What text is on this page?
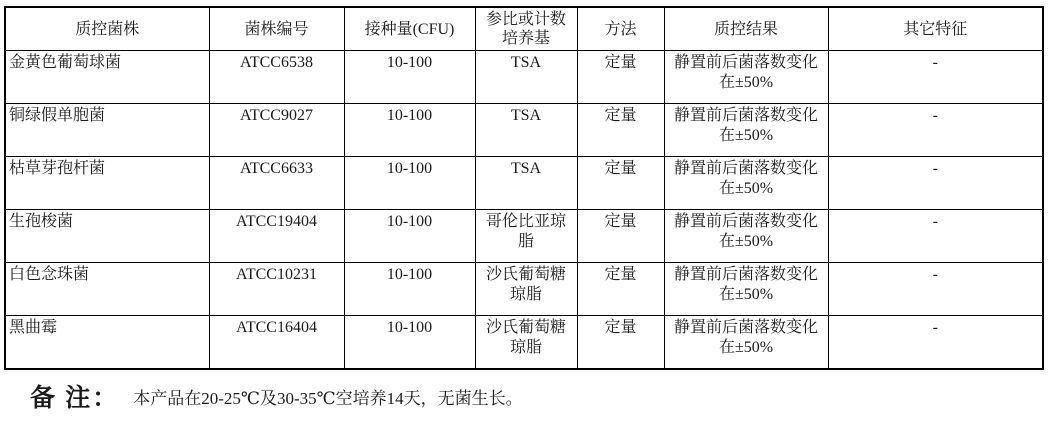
质控菌株	菌株编号	接种量(CFU)	参比或计数培养基	方法	质控结果	其它特征
金黄色葡萄球菌	ATCC6538	10-100	TSA	定量	静置前后菌落数变化在±50%	-
铜绿假单胞菌	ATCC9027	10-100	TSA	定量	静置前后菌落数变化在±50%	-
枯草芽孢杆菌	ATCC6633	10-100	TSA	定量	静置前后菌落数变化在±50%	-
生孢梭菌	ATCC19404	10-100	哥伦比亚琼脂	定量	静置前后菌落数变化在±50%	-
白色念珠菌	ATCC10231	10-100	沙氏葡萄糖琼脂	定量	静置前后菌落数变化在±50%	-
黑曲霉	ATCC16404	10-100	沙氏葡萄糖琼脂	定量	静置前后菌落数变化在±50%	-
备 注： 本产品在20-25℃及30-35℃空培养14天，无菌生长。
